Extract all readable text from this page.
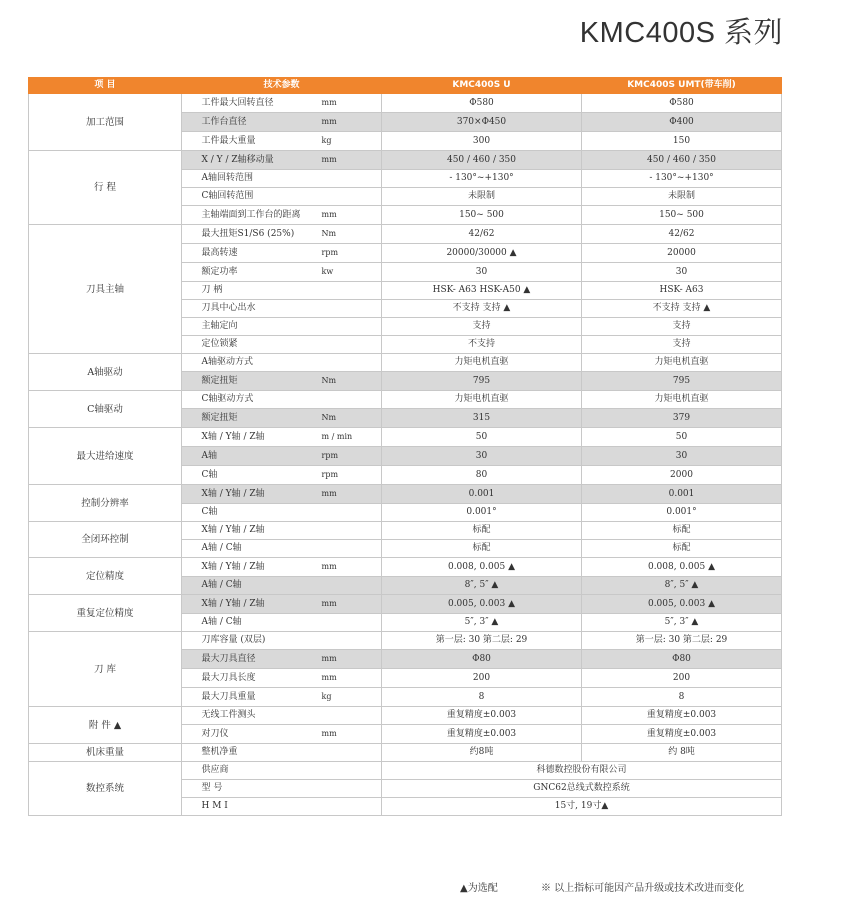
KMC400S 系列
项 目	技术参数	KMC400S U	KMC400S UMT(带车削)
加工范围	工件最大回转直径 mm	Φ580	Φ580
	工作台直径 mm	370×Φ450	Φ400
	工件最大重量 kg	300	150
行 程	X / Y / Z轴移动量 mm	450 / 460 / 350	450 / 460 / 350
	A轴回转范围	- 130°~+130°	- 130°~+130°
	C轴回转范围	未限制	未限制
	主轴端面到工作台的距离 mm	150~ 500	150~ 500
刀具主轴	最大扭矩S1/S6 (25%) Nm	42/62	42/62
	最高转速 rpm	20000/30000 ▲	20000
	额定功率 kw	30	30
	刀 柄	HSK- A63 HSK-A50 ▲	HSK- A63
	刀具中心出水	不支持 支持 ▲	不支持 支持 ▲
	主轴定向	支持	支持
	定位锁紧	不支持	支持
A轴驱动	A轴驱动方式	力矩电机直驱	力矩电机直驱
	额定扭矩 Nm	795	795
C轴驱动	C轴驱动方式	力矩电机直驱	力矩电机直驱
	额定扭矩 Nm	315	379
最大进给速度	X轴 / Y轴 / Z轴 m / min	50	50
	A轴 rpm	30	30
	C轴 rpm	80	2000
控制分辨率	X轴 / Y轴 / Z轴 mm	0.001	0.001
	C轴	0.001°	0.001°
全闭环控制	X轴 / Y轴 / Z轴	标配	标配
	A轴 / C轴	标配	标配
定位精度	X轴 / Y轴 / Z轴 mm	0.008, 0.005 ▲	0.008, 0.005 ▲
	A轴 / C轴	8″, 5″ ▲	8″, 5″ ▲
重复定位精度	X轴 / Y轴 / Z轴 mm	0.005, 0.003 ▲	0.005, 0.003 ▲
	A轴 / C轴	5″, 3″ ▲	5″, 3″ ▲
刀 库	刀库容量 (双层)	第一层: 30 第二层: 29	第一层: 30 第二层: 29
	最大刀具直径 mm	Φ80	Φ80
	最大刀具长度 mm	200	200
	最大刀具重量 kg	8	8
附 件 ▲	无线工件测头	重复精度±0.003	重复精度±0.003
	对刀仪 mm	重复精度±0.003	重复精度±0.003
机床重量	整机净重	约8吨	约 8吨
数控系统	供应商	科德数控股份有限公司	
	型 号	GNC62总线式数控系统	
	H M I	15寸, 19寸▲	
▲为选配	※ 以上指标可能因产品升级或技术改进而变化
